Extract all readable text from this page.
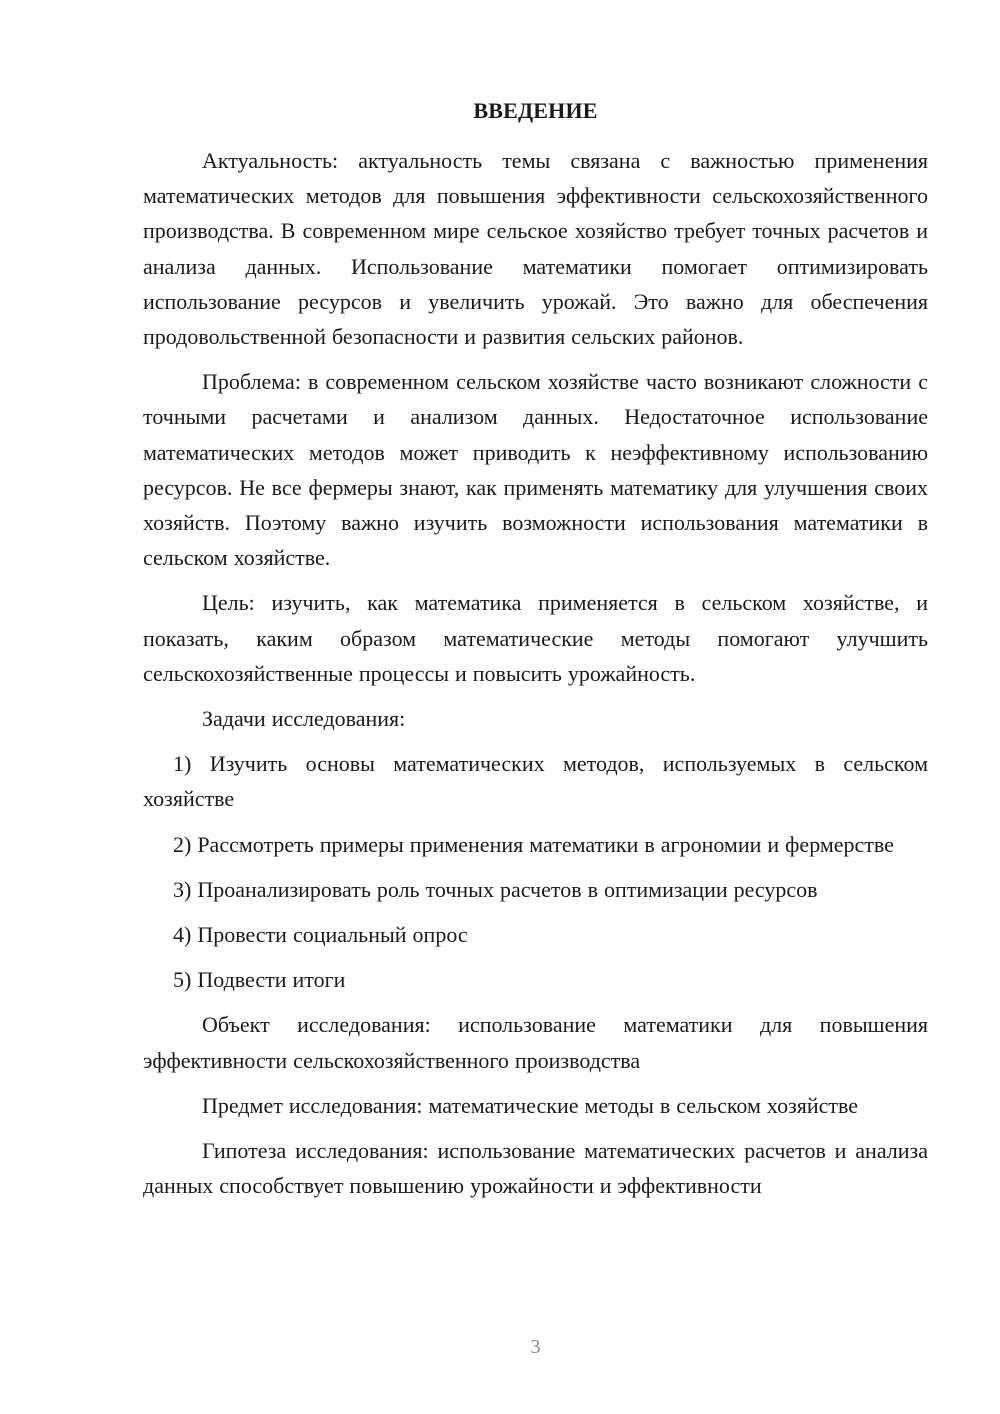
ВВЕДЕНИЕ

Актуальность: актуальность темы связана с важностью применения математических методов для повышения эффективности сельскохозяйственного производства. В современном мире сельское хозяйство требует точных расчетов и анализа данных. Использование математики помогает оптимизировать использование ресурсов и увеличить урожай. Это важно для обеспечения продовольственной безопасности и развития сельских районов.

Проблема: в современном сельском хозяйстве часто возникают сложности с точными расчетами и анализом данных. Недостаточное использование математических методов может приводить к неэффективному использованию ресурсов. Не все фермеры знают, как применять математику для улучшения своих хозяйств. Поэтому важно изучить возможности использования математики в сельском хозяйстве.

Цель: изучить, как математика применяется в сельском хозяйстве, и показать, каким образом математические методы помогают улучшить сельскохозяйственные процессы и повысить урожайность.

Задачи исследования:

1) Изучить основы математических методов, используемых в сельском хозяйстве

2) Рассмотреть примеры применения математики в агрономии и фермерстве

3) Проанализировать роль точных расчетов в оптимизации ресурсов

4) Провести социальный опрос

5) Подвести итоги

Объект исследования: использование математики для повышения эффективности сельскохозяйственного производства

Предмет исследования: математические методы в сельском хозяйстве

Гипотеза исследования: использование математических расчетов и анализа данных способствует повышению урожайности и эффективности

3
